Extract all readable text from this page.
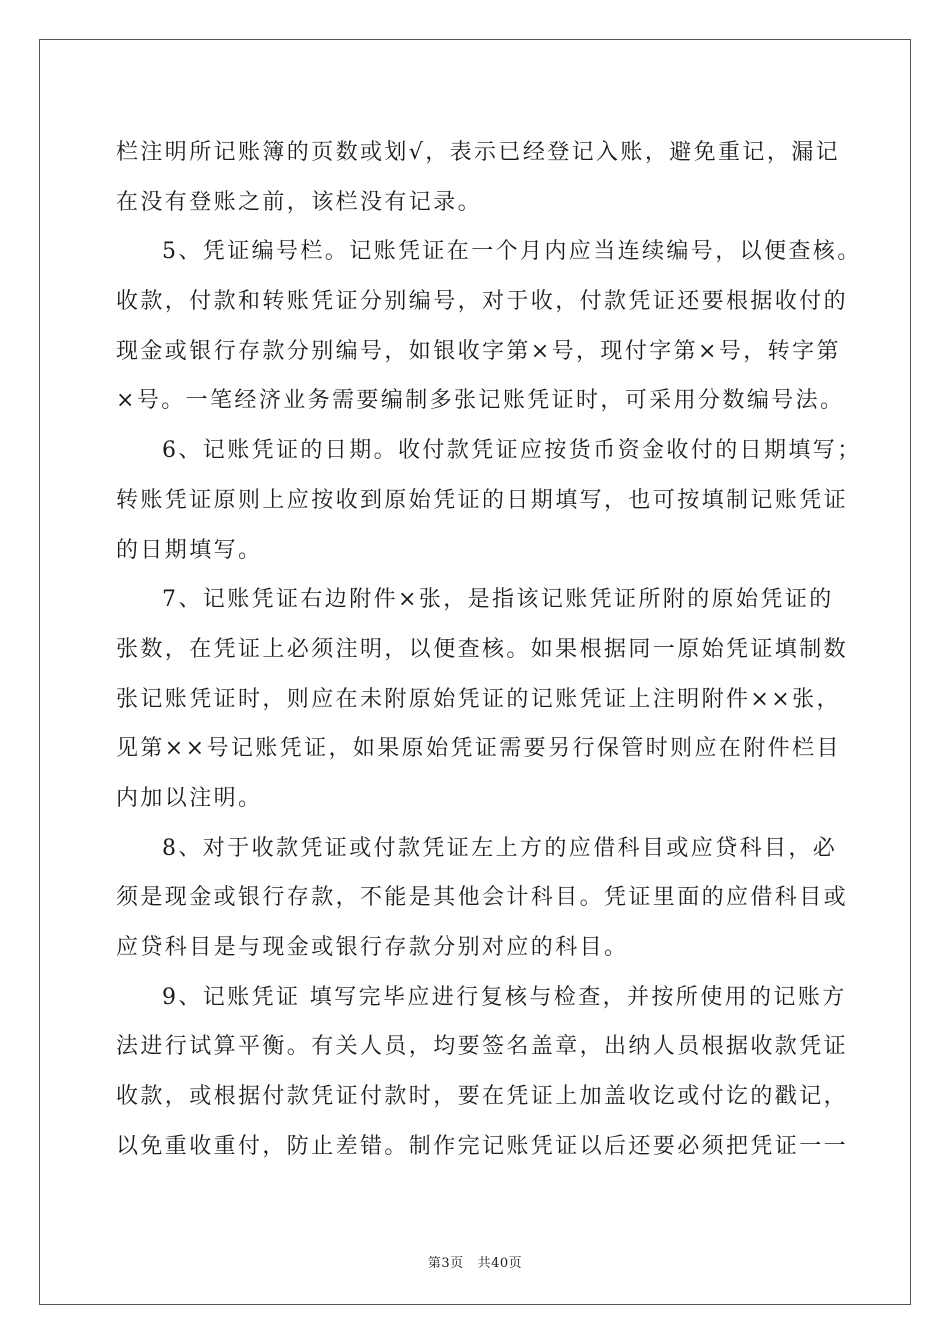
栏注明所记账簿的页数或划√，表示已经登记入账，避免重记，漏记
在没有登账之前，该栏没有记录。
5、凭证编号栏。记账凭证在一个月内应当连续编号，以便查核。
收款，付款和转账凭证分别编号，对于收，付款凭证还要根据收付的
现金或银行存款分别编号，如银收字第×号，现付字第×号，转字第
×号。一笔经济业务需要编制多张记账凭证时，可采用分数编号法。
6、记账凭证的日期。收付款凭证应按货币资金收付的日期填写；
转账凭证原则上应按收到原始凭证的日期填写，也可按填制记账凭证
的日期填写。
7、记账凭证右边附件×张，是指该记账凭证所附的原始凭证的
张数，在凭证上必须注明，以便查核。如果根据同一原始凭证填制数
张记账凭证时，则应在未附原始凭证的记账凭证上注明附件××张，
见第××号记账凭证，如果原始凭证需要另行保管时则应在附件栏目
内加以注明。
8、对于收款凭证或付款凭证左上方的应借科目或应贷科目，必
须是现金或银行存款，不能是其他会计科目。凭证里面的应借科目或
应贷科目是与现金或银行存款分别对应的科目。
9、记账凭证 填写完毕应进行复核与检查，并按所使用的记账方
法进行试算平衡。有关人员，均要签名盖章，出纳人员根据收款凭证
收款，或根据付款凭证付款时，要在凭证上加盖收讫或付讫的戳记，
以免重收重付，防止差错。制作完记账凭证以后还要必须把凭证一一
第3页 共40页
